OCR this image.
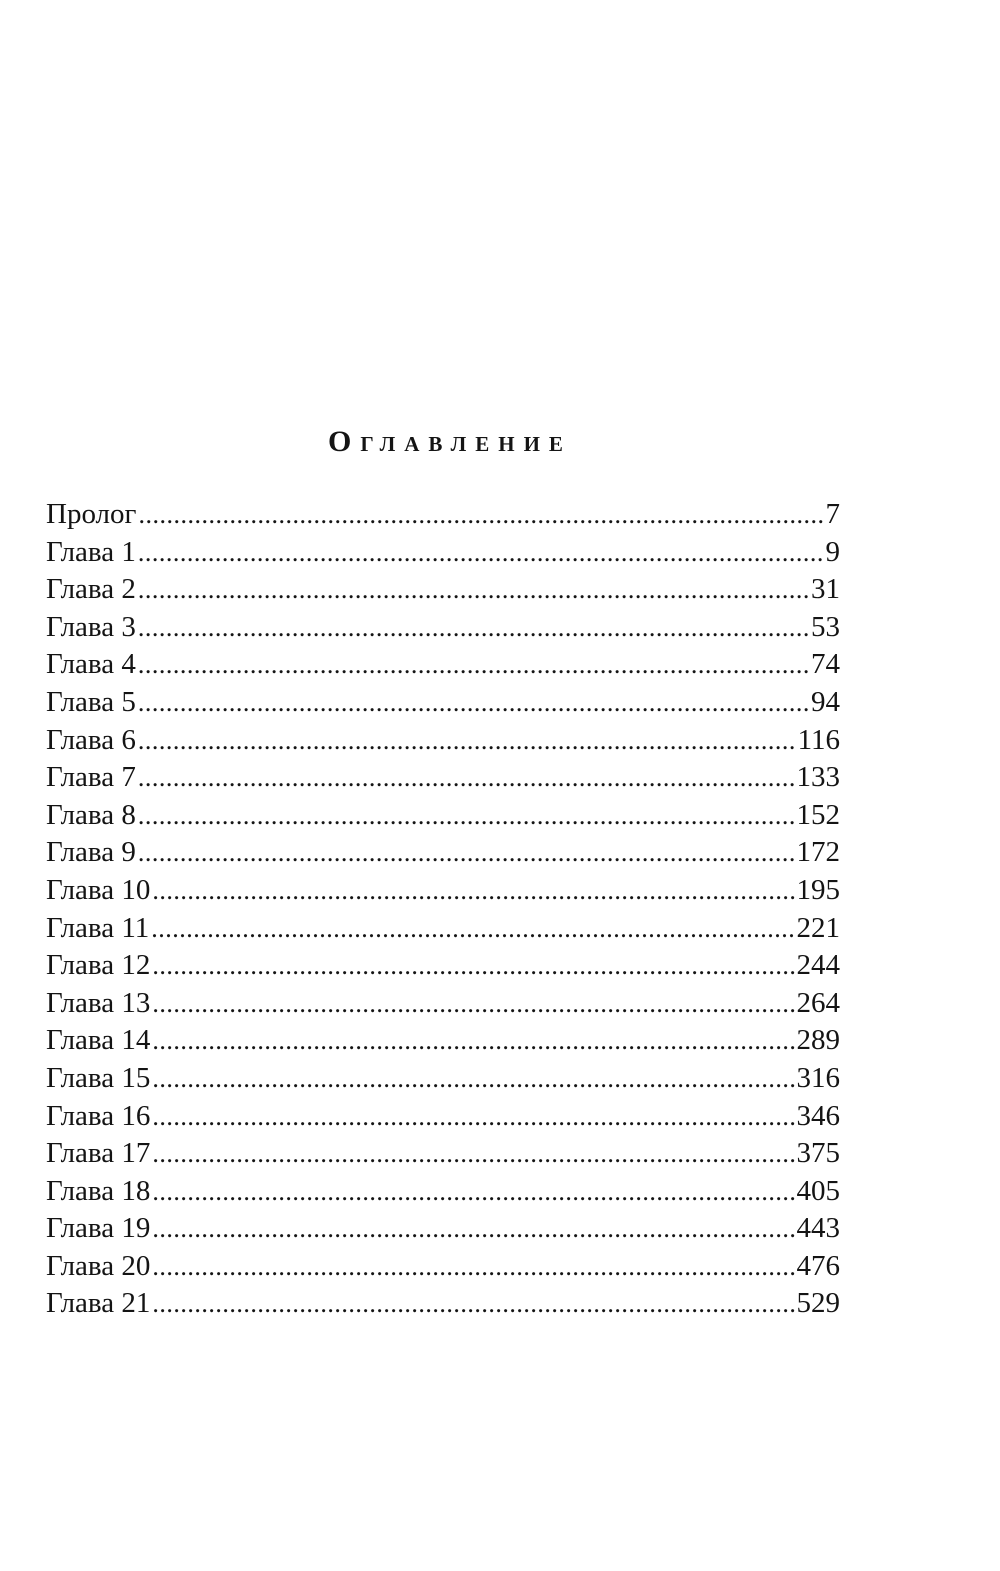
Оглавление
Пролог .....	7
Глава 1 .....	9
Глава 2 .....	31
Глава 3 .....	53
Глава 4 .....	74
Глава 5 .....	94
Глава 6 .....	116
Глава 7 .....	133
Глава 8 .....	152
Глава 9 .....	172
Глава 10 .....	195
Глава 11 .....	221
Глава 12 .....	244
Глава 13 .....	264
Глава 14 .....	289
Глава 15 .....	316
Глава 16 .....	346
Глава 17 .....	375
Глава 18 .....	405
Глава 19 .....	443
Глава 20 .....	476
Глава 21 .....	529
